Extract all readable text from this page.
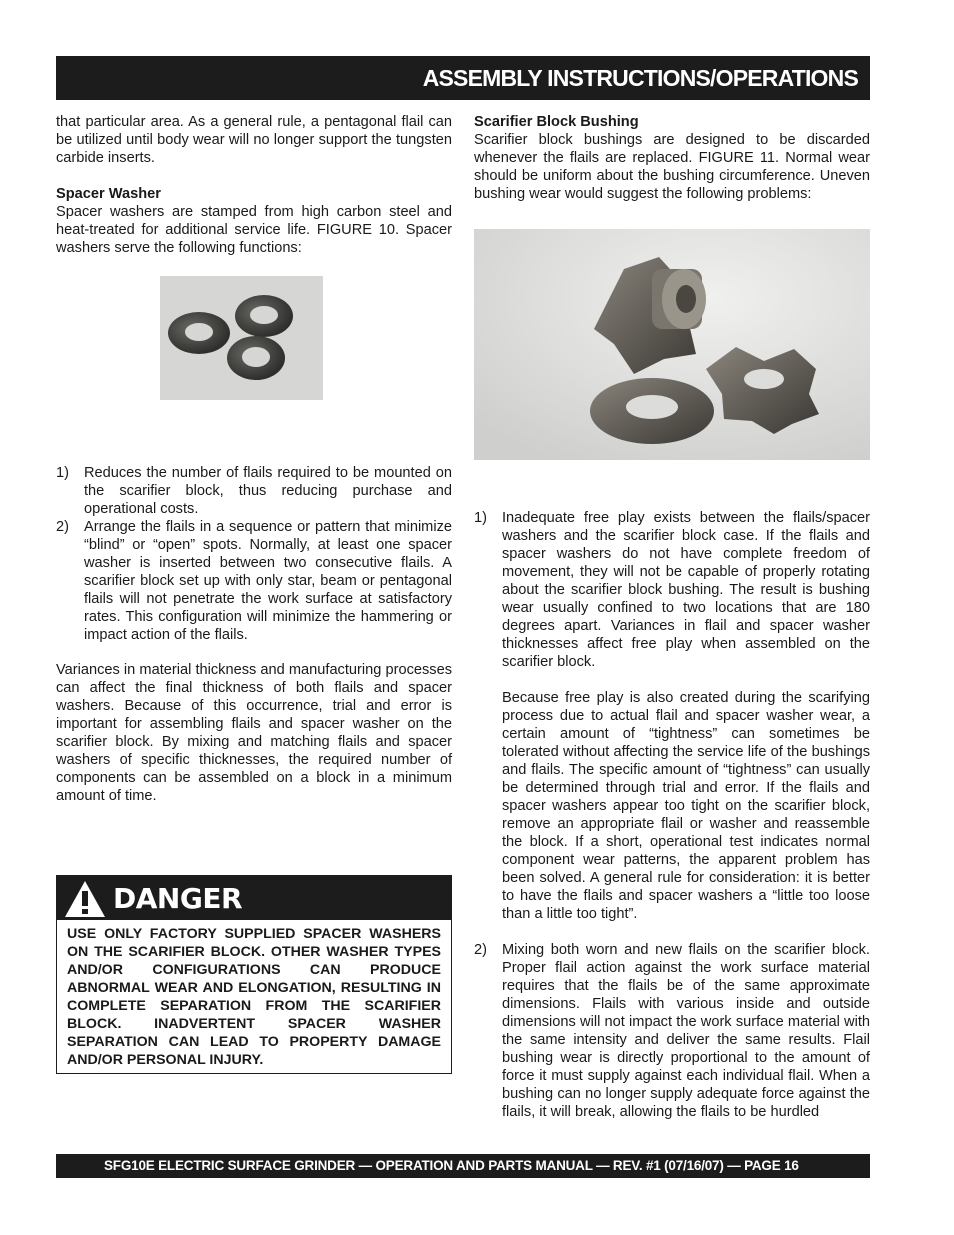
ASSEMBLY INSTRUCTIONS/OPERATIONS

that particular area. As a general rule, a pentagonal flail can be utilized until body wear will no longer support the tungsten carbide inserts.

Spacer Washer

Spacer washers are stamped from high carbon steel and heat-treated for additional service life. FIGURE 10. Spacer washers serve the following functions:

1) Reduces the number of flails required to be mounted on the scarifier block, thus reducing purchase and operational costs.
2) Arrange the flails in a sequence or pattern that minimize “blind” or “open” spots. Normally, at least one spacer washer is inserted between two consecutive flails. A scarifier block set up with only star, beam or pentagonal flails will not penetrate the work surface at satisfactory rates. This configuration will minimize the hammering or impact action of the flails.

Variances in material thickness and manufacturing processes can affect the final thickness of both flails and spacer washers. Because of this occurrence, trial and error is important for assembling flails and spacer washer on the scarifier block. By mixing and matching flails and spacer washers of specific thicknesses, the required number of components can be assembled on a block in a minimum amount of time.

DANGER
USE ONLY FACTORY SUPPLIED SPACER WASHERS ON THE SCARIFIER BLOCK. OTHER WASHER TYPES AND/OR CONFIGURATIONS CAN PRODUCE ABNORMAL WEAR AND ELONGATION, RESULTING IN COMPLETE SEPARATION FROM THE SCARIFIER BLOCK. INADVERTENT SPACER WASHER SEPARATION CAN LEAD TO PROPERTY DAMAGE AND/OR PERSONAL INJURY.
Scarifier Block Bushing

Scarifier block bushings are designed to be discarded whenever the flails are replaced. FIGURE 11. Normal wear should be uniform about the bushing circumference. Uneven bushing wear would suggest the following problems:

1) Inadequate free play exists between the flails/spacer washers and the scarifier block case. If the flails and spacer washers do not have complete freedom of movement, they will not be capable of properly rotating about the scarifier block bushing. The result is bushing wear usually confined to two locations that are 180 degrees apart. Variances in flail and spacer washer thicknesses affect free play when assembled on the scarifier block.

Because free play is also created during the scarifying process due to actual flail and spacer washer wear, a certain amount of “tightness” can sometimes be tolerated without affecting the service life of the bushings and flails. The specific amount of “tightness” can usually be determined through trial and error. If the flails and spacer washers appear too tight on the scarifier block, remove an appropriate flail or washer and reassemble the block. If a short, operational test indicates normal component wear patterns, the apparent problem has been solved. A general rule for consideration: it is better to have the flails and spacer washers a “little too loose than a little too tight”.

2) Mixing both worn and new flails on the scarifier block. Proper flail action against the work surface material requires that the flails be of the same approximate dimensions. Flails with various inside and outside dimensions will not impact the work surface material with the same intensity and deliver the same results. Flail bushing wear is directly proportional to the amount of force it must supply against each individual flail. When a bushing can no longer supply adequate force against the flails, it will break, allowing the flails to be hurdled

SFG10E ELECTRIC SURFACE GRINDER — OPERATION AND PARTS MANUAL — REV. #1 (07/16/07) — PAGE 16
